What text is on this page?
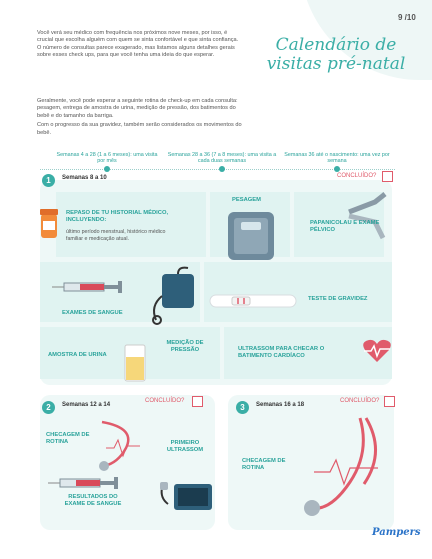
9 /10
Calendário de visitas pré-natal

Você verá seu médico com frequência nos próximos nove meses, por isso, é crucial que escolha alguém com quem se sinta confortável e que sinta confiança. O número de consultas parece exagerado, mas listamos alguns detalhes gerais sobre esses check ups, para que você tenha uma ideia do que esperar.

Geralmente, você pode esperar a seguinte rotina de check-up em cada consulta: pesagem, entrega de amostra de urina, medição de pressão, dos batimentos do bebê e do tamanho da barriga.

Com o progresso da sua gravidez, também serão considerados os movimentos do bebê.

Semanas 4 a 28 (1 a 6 meses): uma visita por mês
Semanas 28 a 36 (7 a 8 meses): uma visita a cada duas semanas
Semanas 36 até o nascimento: uma vez por semana
1	Semanas 8 a 10	CONCLUÍDO?
REPASO DE TU HISTORIAL MÉDICO, INCLUYENDO:
último período menstrual, histórico médico familiar e medicação atual.
PESAGEM
PAPANICOLAU E EXAME PÉLVICO
EXAMES DE SANGUE
TESTE DE GRAVIDEZ
AMOSTRA DE URINA
MEDIÇÃO DE PRESSÃO	ULTRASSOM PARA CHECAR O BATIMENTO CARDÍACO
2	Semanas 12 a 14
CONCLUÍDO?
CHECAGEM DE ROTINA	PRIMEIRO ULTRASSOM
RESULTADOS DO EXAME DE SANGUE
3	Semanas 16 a 18
CONCLUÍDO?
CHECAGEM DE ROTINA
Pampers
